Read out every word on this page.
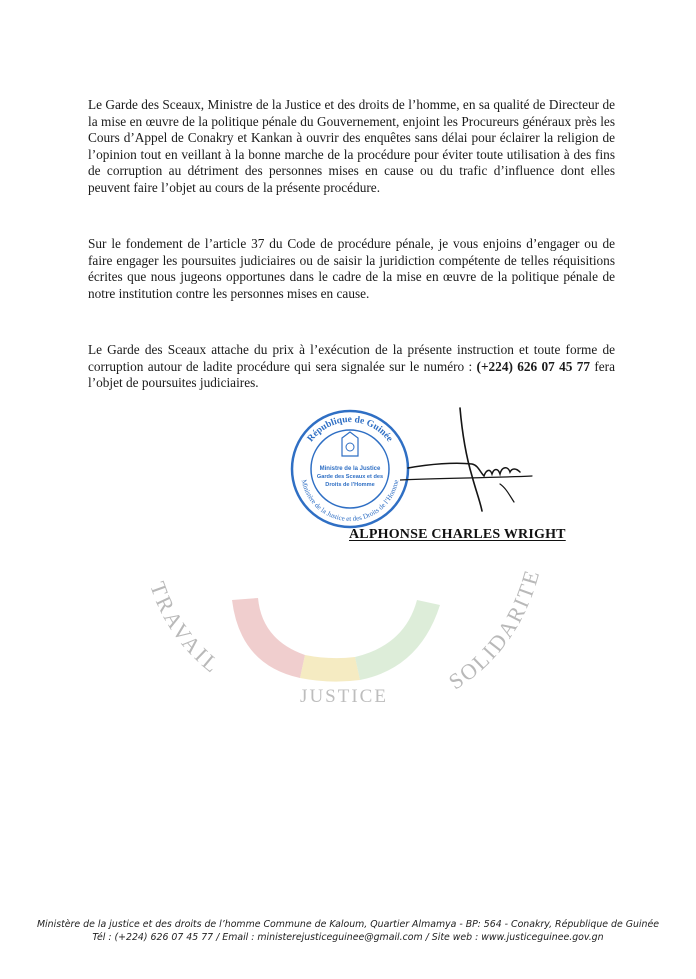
TRAVAIL
SOLIDARITE
JUSTICE

Le Garde des Sceaux, Ministre de la Justice et des droits de l’homme, en sa qualité de Directeur de la mise en œuvre de la politique pénale du Gouvernement, enjoint les Procureurs généraux près les Cours d’Appel de Conakry et Kankan à ouvrir des enquêtes sans délai pour éclairer la religion de l’opinion tout en veillant à la bonne marche de la procédure pour éviter toute utilisation à des fins de corruption au détriment des personnes mises en cause ou du trafic d’influence dont elles peuvent faire l’objet au cours de la présente procédure.

Sur le fondement de l’article 37 du Code de procédure pénale, je vous enjoins d’engager ou de faire engager les poursuites judiciaires ou de saisir la juridiction compétente de telles réquisitions écrites que nous jugeons opportunes dans le cadre de la mise en œuvre de la politique pénale de notre institution contre les personnes mises en cause.

Le Garde des Sceaux attache du prix à l’exécution de la présente instruction et toute forme de corruption autour de ladite procédure qui sera signalée sur le numéro : (+224) 626 07 45 77 fera l’objet de poursuites judiciaires.

République de Guinée
Ministère de la Justice et des Droits de l’Homme
Ministre de la Justice
Garde des Sceaux et des
Droits de l’Homme
ALPHONSE CHARLES WRIGHT
Ministère de la justice et des droits de l’homme Commune de Kaloum, Quartier Almamya - BP: 564 - Conakry, République de Guinée
Tél : (+224) 626 07 45 77 / Email : ministerejusticeguinee@gmail.com / Site web : www.justiceguinee.gov.gn
